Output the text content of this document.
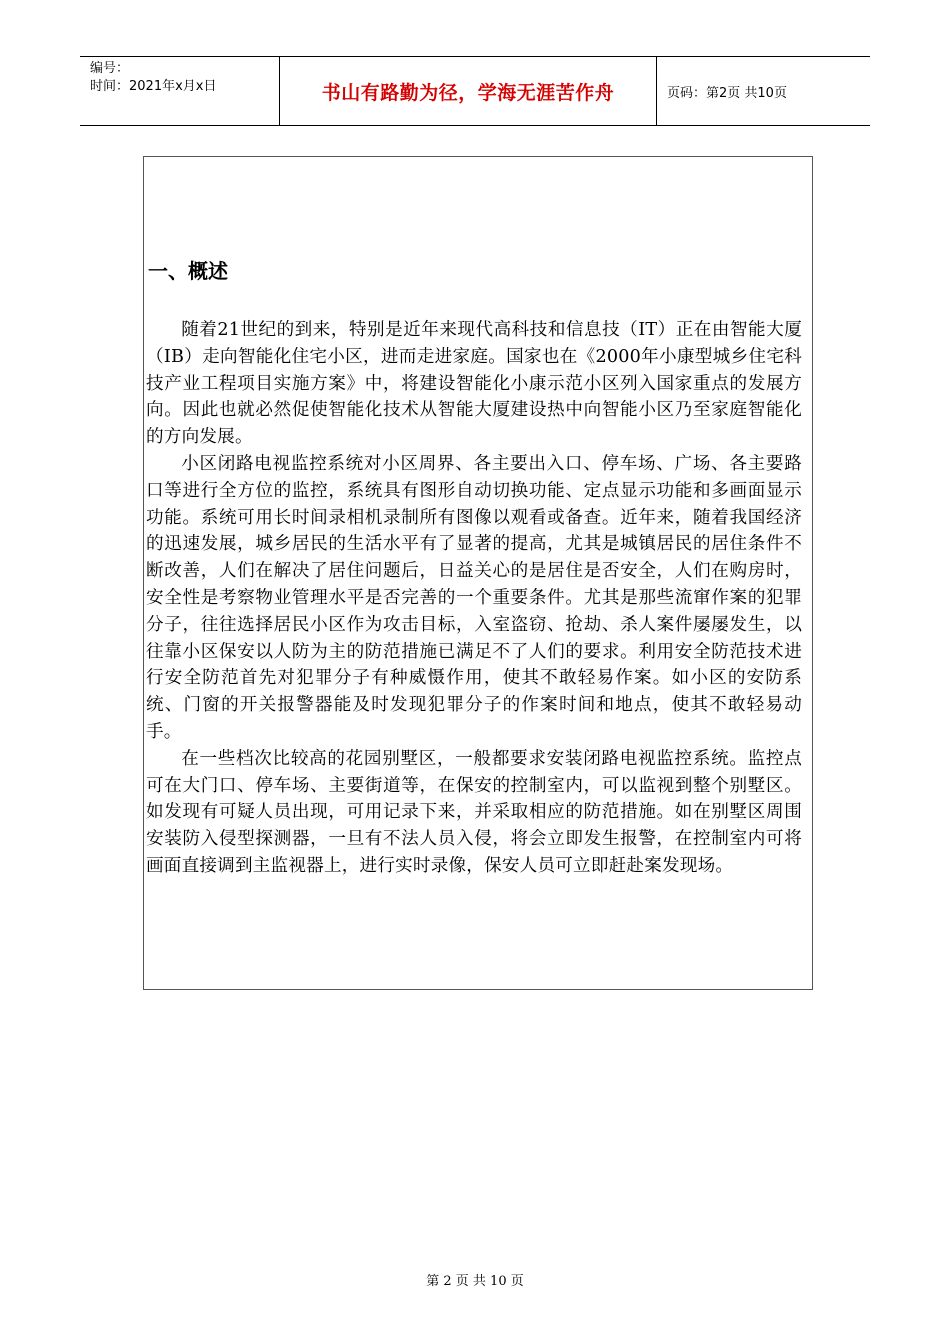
编号：
时间：2021年x月x日	书山有路勤为径，学海无涯苦作舟	页码：第2页 共10页
一、概述

随着21世纪的到来，特别是近年来现代高科技和信息技（IT）正在由智能大厦（IB）走向智能化住宅小区，进而走进家庭。国家也在《2000年小康型城乡住宅科技产业工程项目实施方案》中，将建设智能化小康示范小区列入国家重点的发展方向。因此也就必然促使智能化技术从智能大厦建设热中向智能小区乃至家庭智能化的方向发展。

小区闭路电视监控系统对小区周界、各主要出入口、停车场、广场、各主要路口等进行全方位的监控，系统具有图形自动切换功能、定点显示功能和多画面显示功能。系统可用长时间录相机录制所有图像以观看或备查。近年来，随着我国经济的迅速发展，城乡居民的生活水平有了显著的提高，尤其是城镇居民的居住条件不断改善，人们在解决了居住问题后，日益关心的是居住是否安全，人们在购房时，安全性是考察物业管理水平是否完善的一个重要条件。尤其是那些流窜作案的犯罪分子，往往选择居民小区作为攻击目标，入室盗窃、抢劫、杀人案件屡屡发生，以往靠小区保安以人防为主的防范措施已满足不了人们的要求。利用安全防范技术进行安全防范首先对犯罪分子有种威慑作用，使其不敢轻易作案。如小区的安防系统、门窗的开关报警器能及时发现犯罪分子的作案时间和地点，使其不敢轻易动手。

在一些档次比较高的花园别墅区，一般都要求安装闭路电视监控系统。监控点可在大门口、停车场、主要街道等，在保安的控制室内，可以监视到整个别墅区。如发现有可疑人员出现，可用记录下来，并采取相应的防范措施。如在别墅区周围安装防入侵型探测器，一旦有不法人员入侵，将会立即发生报警，在控制室内可将画面直接调到主监视器上，进行实时录像，保安人员可立即赶赴案发现场。

第 2 页 共 10 页
